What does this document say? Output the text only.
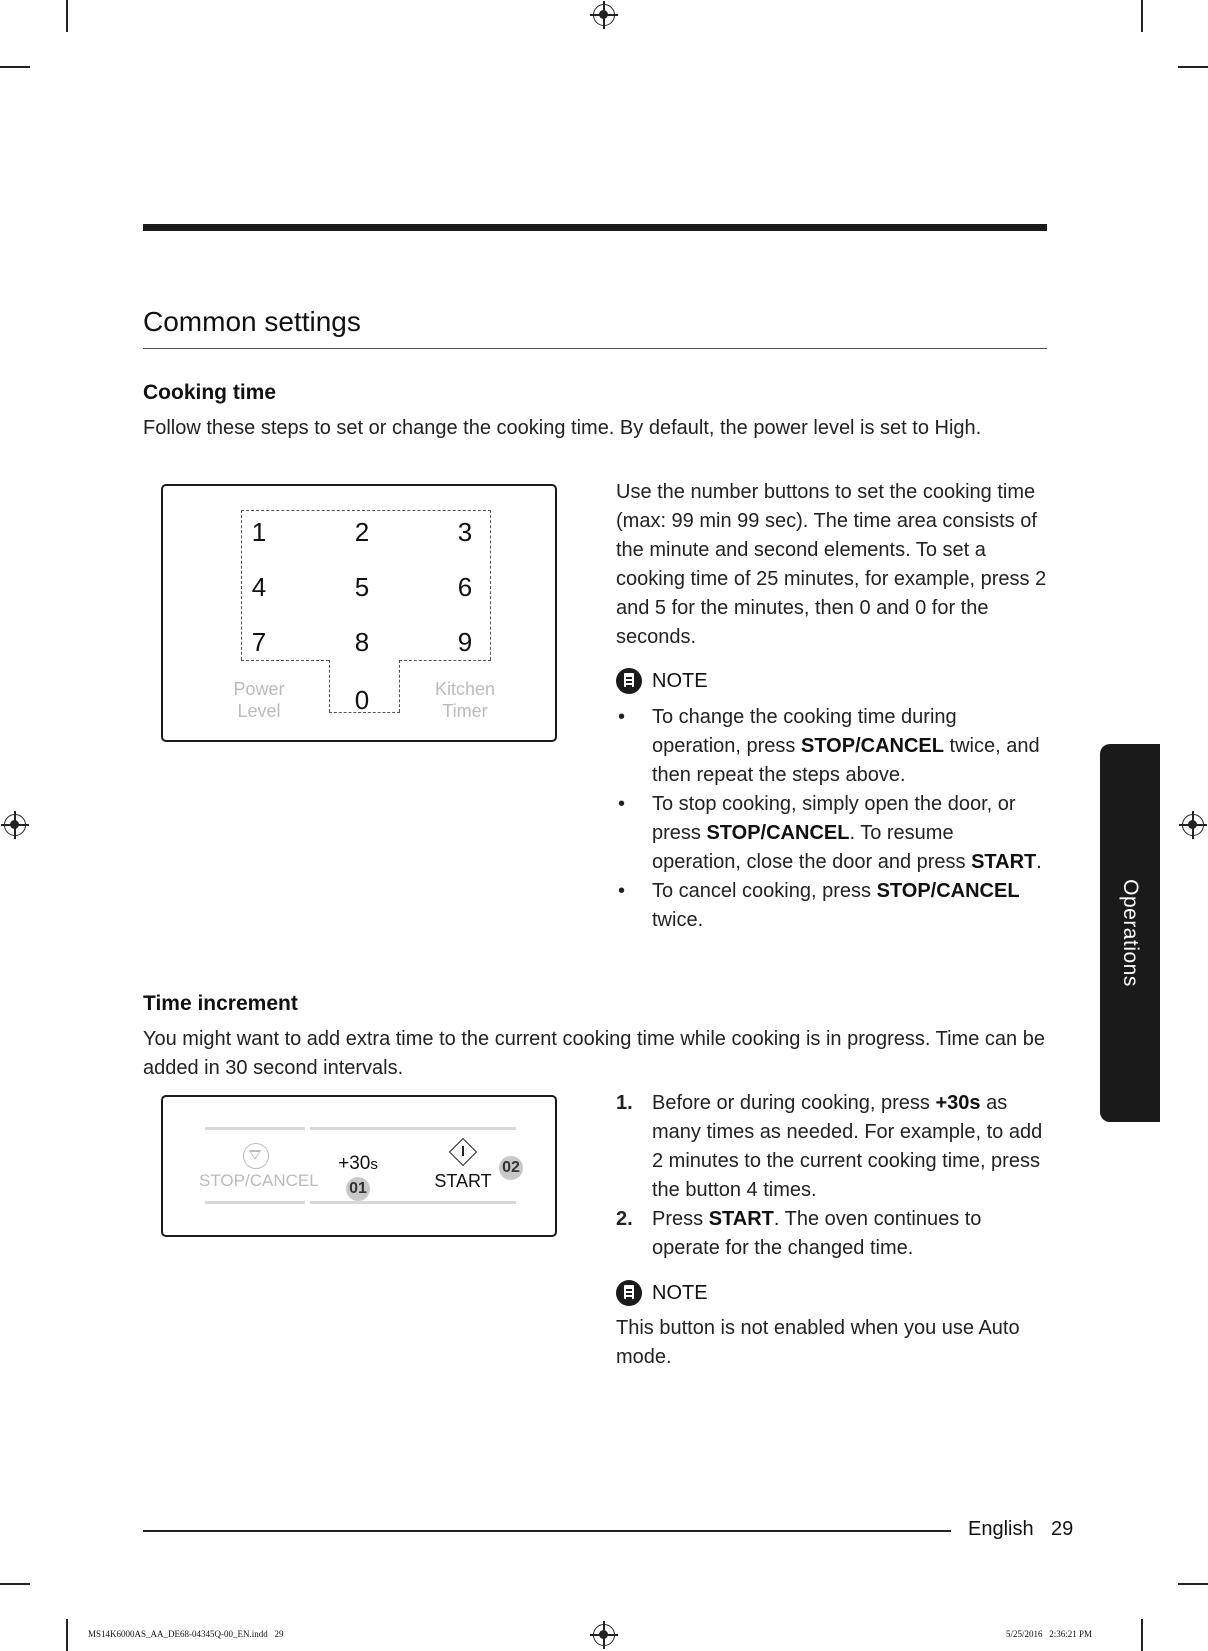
Common settings
Cooking time

Follow these steps to set or change the cooking time. By default, the power level is set to High.

1	2	3
4	5	6
7	8	9
0
Power
Level
Kitchen
Timer

Use the number buttons to set the cooking time (max: 99 min 99 sec). The time area consists of the minute and second elements. To set a cooking time of 25 minutes, for example, press 2 and 5 for the minutes, then 0 and 0 for the seconds.

NOTE
• To change the cooking time during operation, press STOP/CANCEL twice, and then repeat the steps above.
• To stop cooking, simply open the door, or press STOP/CANCEL. To resume operation, close the door and press START.
• To cancel cooking, press STOP/CANCEL twice.
Time increment

You might want to add extra time to the current cooking time while cooking is in progress. Time can be added in 30 second intervals.

STOP/CANCEL
+30s
01	START
02
1. Before or during cooking, press +30s as many times as needed. For example, to add 2 minutes to the current cooking time, press the button 4 times.
2. Press START. The oven continues to operate for the changed time.
NOTE

This button is not enabled when you use Auto mode.

Operations
English 29
MS14K6000AS_AA_DE68-04345Q-00_EN.indd   29	5/25/2016   2:36:21 PM
